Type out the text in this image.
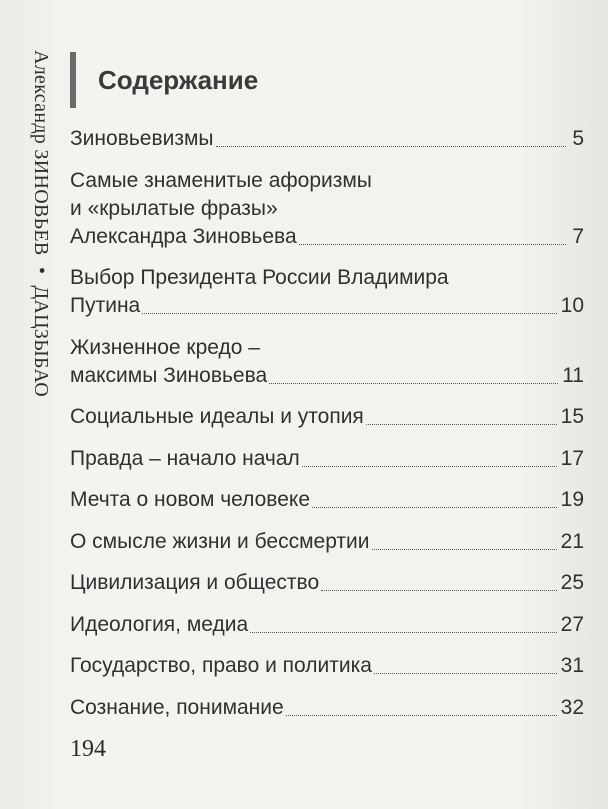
Александр ЗИНОВЬЕВ • ДАЦЗЫБАО
Содержание
Зиновьевизмы	5
Самые знаменитые афоризмы
и «крылатые фразы»
Александра Зиновьева	7
Выбор Президента России Владимира
Путина	10
Жизненное кредо –
максимы Зиновьева	11
Социальные идеалы и утопия	15
Правда – начало начал	17
Мечта о новом человеке	19
О смысле жизни и бессмертии	21
Цивилизация и общество	25
Идеология, медиа	27
Государство, право и политика	31
Сознание, понимание	32
194
